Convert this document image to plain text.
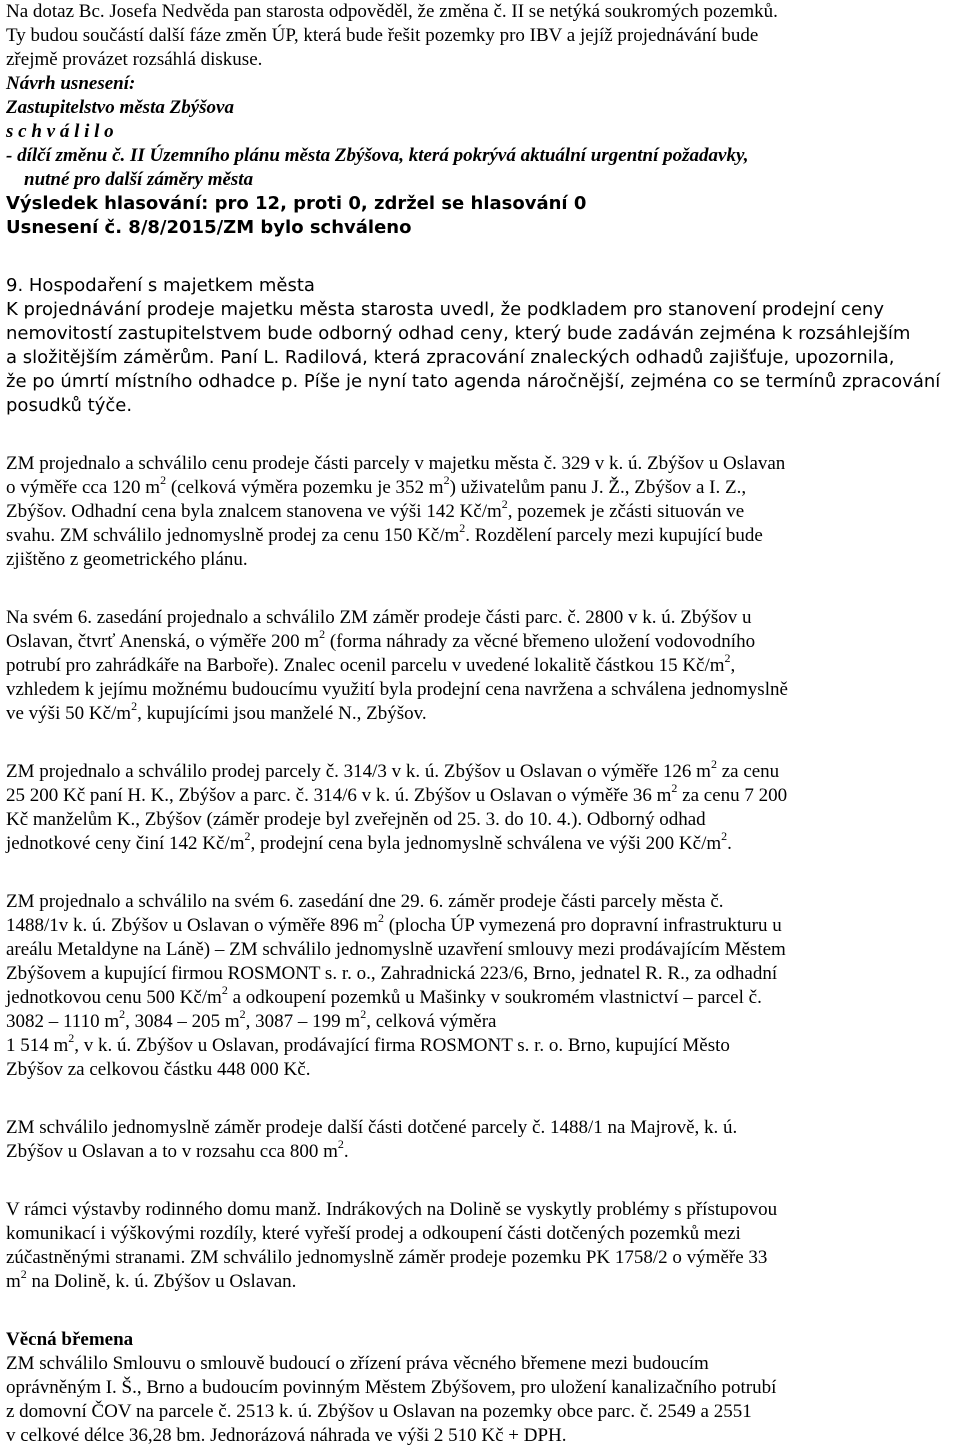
Na dotaz Bc. Josefa Nedvěda pan starosta odpověděl, že změna č. II se netýká soukromých pozemků.
Ty budou součástí další fáze změn ÚP, která bude řešit pozemky pro IBV a jejíž projednávání bude
zřejmě provázet rozsáhlá diskuse.
Návrh usnesení:
Zastupitelstvo města Zbýšova
s c h v á l i l o
- dílčí změnu č. II Územního plánu města Zbýšova, která pokrývá aktuální urgentní požadavky,
nutné pro další záměry města
Výsledek hlasování: pro 12, proti 0, zdržel se hlasování 0
Usnesení č. 8/8/2015/ZM bylo schváleno
9. Hospodaření s majetkem města
K projednávání prodeje majetku města starosta uvedl, že podkladem pro stanovení prodejní ceny
nemovitostí zastupitelstvem bude odborný odhad ceny, který bude zadáván zejména k rozsáhlejším
a složitějším záměrům. Paní L. Radilová, která zpracování znaleckých odhadů zajišťuje, upozornila,
že po úmrtí místního odhadce p. Píše je nyní tato agenda náročnější, zejména co se termínů zpracování
posudků týče.
ZM projednalo a schválilo cenu prodeje části parcely v majetku města č. 329 v k. ú. Zbýšov u Oslavan
o výměře cca 120 $m^2$ (celková výměra pozemku je 352 $m^2$) uživatelům panu J. Ž., Zbýšov a I. Z.,
Zbýšov. Odhadní cena byla znalcem stanovena ve výši 142 $Kč/m^2$, pozemek je zčásti situován ve
svahu. ZM schválilo jednomyslně prodej za cenu 150 $Kč/m^2$. Rozdělení parcely mezi kupující bude
zjištěno z geometrického plánu.
Na svém 6. zasedání projednalo a schválilo ZM záměr prodeje části parc. č. 2800 v k. ú. Zbýšov u
Oslavan, čtvrť Anenská, o výměře 200 $m^2$ (forma náhrady za věcné břemeno uložení vodovodního
potrubí pro zahrádkáře na Barboře). Znalec ocenil parcelu v uvedené lokalitě částkou 15 $Kč/m^2$,
vzhledem k jejímu možnému budoucímu využití byla prodejní cena navržena a schválena jednomyslně
ve výši 50 $Kč/m^2$, kupujícími jsou manželé N., Zbýšov.
ZM projednalo a schválilo prodej parcely č. 314/3 v k. ú. Zbýšov u Oslavan o výměře 126 $m^2$ za cenu
25 200 Kč paní H. K., Zbýšov a parc. č. 314/6 v k. ú. Zbýšov u Oslavan o výměře 36 $m^2$ za cenu 7 200
Kč manželům K., Zbýšov (záměr prodeje byl zveřejněn od 25. 3. do 10. 4.). Odborný odhad
jednotkové ceny činí 142 $Kč/m^2$, prodejní cena byla jednomyslně schválena ve výši 200 $Kč/m^2$.
ZM projednalo a schválilo na svém 6. zasedání dne 29. 6. záměr prodeje části parcely města č.
1488/1v k. ú. Zbýšov u Oslavan o výměře 896 $m^2$ (plocha ÚP vymezená pro dopravní infrastrukturu u
areálu Metaldyne na Láně) – ZM schválilo jednomyslně uzavření smlouvy mezi prodávajícím Městem
Zbýšovem a kupující firmou ROSMONT s. r. o., Zahradnická 223/6, Brno, jednatel R. R., za odhadní
jednotkovou cenu 500 $Kč/m^2$ a odkoupení pozemků u Mašinky v soukromém vlastnictví – parcel č.
3082 – 1110 $m^2$, 3084 – 205 $m^2$, 3087 – 199 $m^2$, celková výměra
1 514 $m^2$, v k. ú. Zbýšov u Oslavan, prodávající firma ROSMONT s. r. o. Brno, kupující Město
Zbýšov za celkovou částku 448 000 Kč.
ZM schválilo jednomyslně záměr prodeje další části dotčené parcely č. 1488/1 na Majrově, k. ú.
Zbýšov u Oslavan a to v rozsahu cca 800 $m^2$.
V rámci výstavby rodinného domu manž. Indrákových na Dolině se vyskytly problémy s přístupovou
komunikací i výškovými rozdíly, které vyřeší prodej a odkoupení části dotčených pozemků mezi
zúčastněnými stranami. ZM schválilo jednomyslně záměr prodeje pozemku PK 1758/2 o výměře 33
$m^2$ na Dolině, k. ú. Zbýšov u Oslavan.
Věcná břemena
ZM schválilo Smlouvu o smlouvě budoucí o zřízení práva věcného břemene mezi budoucím
oprávněným I. Š., Brno a budoucím povinným Městem Zbýšovem, pro uložení kanalizačního potrubí
z domovní ČOV na parcele č. 2513 k. ú. Zbýšov u Oslavan na pozemky obce parc. č. 2549 a 2551
v celkové délce 36,28 bm. Jednorázová náhrada ve výši 2 510 Kč + DPH.
